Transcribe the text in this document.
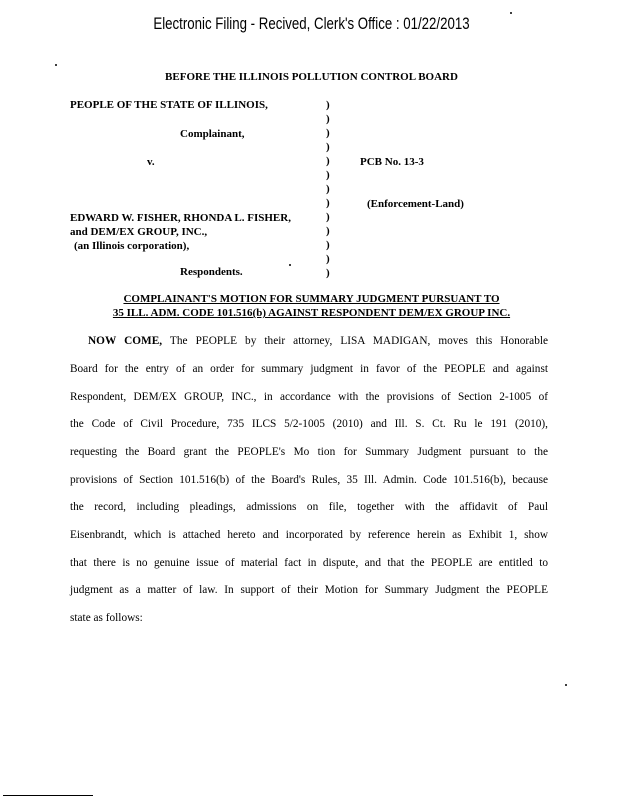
Electronic Filing - Recived, Clerk's Office : 01/22/2013
BEFORE THE ILLINOIS POLLUTION CONTROL BOARD
PEOPLE OF THE STATE OF ILLINOIS,
Complainant,
v.	PCB No. 13-3
(Enforcement-Land)
EDWARD W. FISHER, RHONDA L. FISHER,
and DEM/EX GROUP, INC.,
(an Illinois corporation),
Respondents.
)
)
)
)
)
)
)
)
)
)
)
)
)
COMPLAINANT'S MOTION FOR SUMMARY JUDGMENT PURSUANT TO
35 ILL. ADM. CODE 101.516(b) AGAINST RESPONDENT DEM/EX GROUP INC.
NOW COME, The PEOPLE by their attorney, LISA MADIGAN, moves this Honorable
Board for the entry of an order for summary judgment in favor of the PEOPLE and against
Respondent, DEM/EX GROUP, INC., in accordance with the provisions of Section 2-1005 of
the Code of Civil Procedure, 735 ILCS 5/2-1005 (2010) and Ill. S. Ct. Ru le 191 (2010),
requesting the Board grant the PEOPLE's Mo tion for Summary Judgment pursuant to the
provisions of Section 101.516(b) of the Board's Rules, 35 Ill. Admin. Code 101.516(b), because
the record, including pleadings, admissions on file, together with the affidavit of Paul
Eisenbrandt, which is attached hereto and incorporated by reference herein as Exhibit 1, show
that there is no genuine issue of material fact in dispute, and that the PEOPLE are entitled to
judgment as a matter of law. In support of their Motion for Summary Judgment the PEOPLE
state as follows:
